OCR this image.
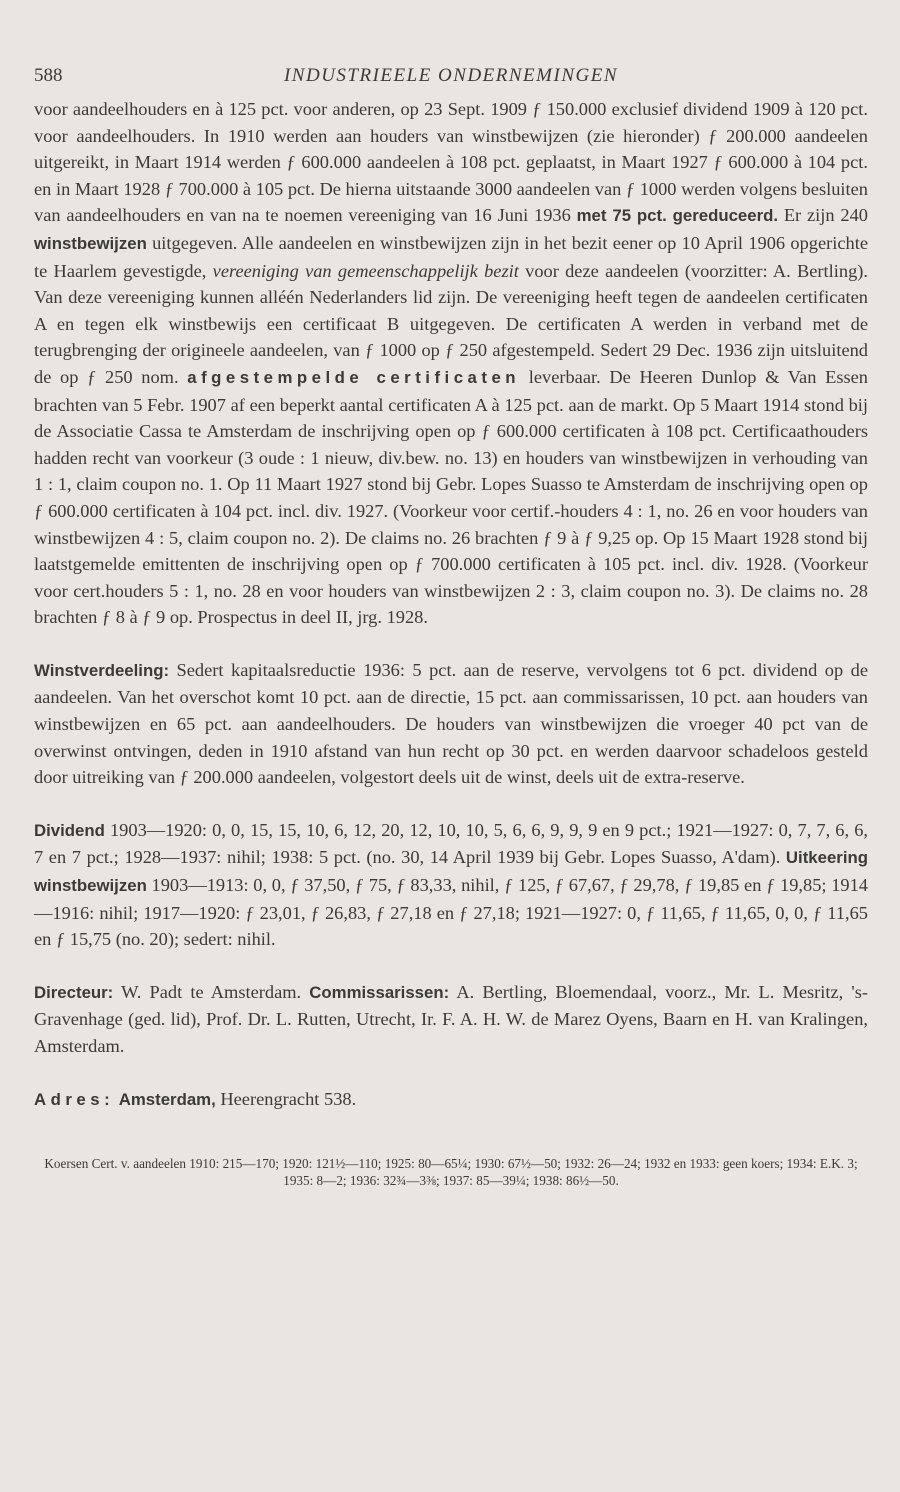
588	INDUSTRIEELE ONDERNEMINGEN

voor aandeelhouders en à 125 pct. voor anderen, op 23 Sept. 1909 ƒ 150.000 exclusief dividend 1909 à 120 pct. voor aandeelhouders. In 1910 werden aan houders van winstbewijzen (zie hieronder) ƒ 200.000 aandeelen uitgereikt, in Maart 1914 werden ƒ 600.000 aandeelen à 108 pct. geplaatst, in Maart 1927 ƒ 600.000 à 104 pct. en in Maart 1928 ƒ 700.000 à 105 pct. De hierna uitstaande 3000 aandeelen van ƒ 1000 werden volgens besluiten van aandeelhouders en van na te noemen vereeniging van 16 Juni 1936 met 75 pct. gereduceerd. Er zijn 240 winstbewijzen uitgegeven. Alle aandeelen en winstbewijzen zijn in het bezit eener op 10 April 1906 opgerichte te Haarlem gevestigde, vereeniging van gemeenschappelijk bezit voor deze aandeelen (voorzitter: A. Bertling). Van deze vereeniging kunnen alléén Nederlanders lid zijn. De vereeniging heeft tegen de aandeelen certificaten A en tegen elk winstbewijs een certificaat B uitgegeven. De certificaten A werden in verband met de terugbrenging der origineele aandeelen, van ƒ 1000 op ƒ 250 afgestempeld. Sedert 29 Dec. 1936 zijn uitsluitend de op ƒ 250 nom. afgestempelde certificaten leverbaar. De Heeren Dunlop & Van Essen brachten van 5 Febr. 1907 af een beperkt aantal certificaten A à 125 pct. aan de markt. Op 5 Maart 1914 stond bij de Associatie Cassa te Amsterdam de inschrijving open op ƒ 600.000 certificaten à 108 pct. Certificaathouders hadden recht van voorkeur (3 oude : 1 nieuw, div.bew. no. 13) en houders van winstbewijzen in verhouding van 1 : 1, claim coupon no. 1. Op 11 Maart 1927 stond bij Gebr. Lopes Suasso te Amsterdam de inschrijving open op ƒ 600.000 certificaten à 104 pct. incl. div. 1927. (Voorkeur voor certif.-houders 4 : 1, no. 26 en voor houders van winstbewijzen 4 : 5, claim coupon no. 2). De claims no. 26 brachten ƒ 9 à ƒ 9,25 op. Op 15 Maart 1928 stond bij laatstgemelde emittenten de inschrijving open op ƒ 700.000 certificaten à 105 pct. incl. div. 1928. (Voorkeur voor cert.houders 5 : 1, no. 28 en voor houders van winstbewijzen 2 : 3, claim coupon no. 3). De claims no. 28 brachten ƒ 8 à ƒ 9 op. Prospectus in deel II, jrg. 1928.

Winstverdeeling: Sedert kapitaalsreductie 1936: 5 pct. aan de reserve, vervolgens tot 6 pct. dividend op de aandeelen. Van het overschot komt 10 pct. aan de directie, 15 pct. aan commissarissen, 10 pct. aan houders van winstbewijzen en 65 pct. aan aandeelhouders. De houders van winstbewijzen die vroeger 40 pct van de overwinst ontvingen, deden in 1910 afstand van hun recht op 30 pct. en werden daarvoor schadeloos gesteld door uitreiking van ƒ 200.000 aandeelen, volgestort deels uit de winst, deels uit de extra-reserve.

Dividend 1903—1920: 0, 0, 15, 15, 10, 6, 12, 20, 12, 10, 10, 5, 6, 6, 9, 9, 9 en 9 pct.; 1921—1927: 0, 7, 7, 6, 6, 7 en 7 pct.; 1928—1937: nihil; 1938: 5 pct. (no. 30, 14 April 1939 bij Gebr. Lopes Suasso, A'dam). Uitkeering winstbewijzen 1903—1913: 0, 0, ƒ 37,50, ƒ 75, ƒ 83,33, nihil, ƒ 125, ƒ 67,67, ƒ 29,78, ƒ 19,85 en ƒ 19,85; 1914—1916: nihil; 1917—1920: ƒ 23,01, ƒ 26,83, ƒ 27,18 en ƒ 27,18; 1921—1927: 0, ƒ 11,65, ƒ 11,65, 0, 0, ƒ 11,65 en ƒ 15,75 (no. 20); sedert: nihil.

Directeur: W. Padt te Amsterdam. Commissarissen: A. Bertling, Bloemendaal, voorz., Mr. L. Mesritz, 's-Gravenhage (ged. lid), Prof. Dr. L. Rutten, Utrecht, Ir. F. A. H. W. de Marez Oyens, Baarn en H. van Kralingen, Amsterdam.

Adres: Amsterdam, Heerengracht 538.

Koersen Cert. v. aandeelen 1910: 215—170; 1920: 121½—110; 1925: 80—65¼; 1930: 67½—50; 1932: 26—24; 1932 en 1933: geen koers; 1934: E.K. 3; 1935: 8—2; 1936: 32¾—3⅜; 1937: 85—39¼; 1938: 86½—50.
